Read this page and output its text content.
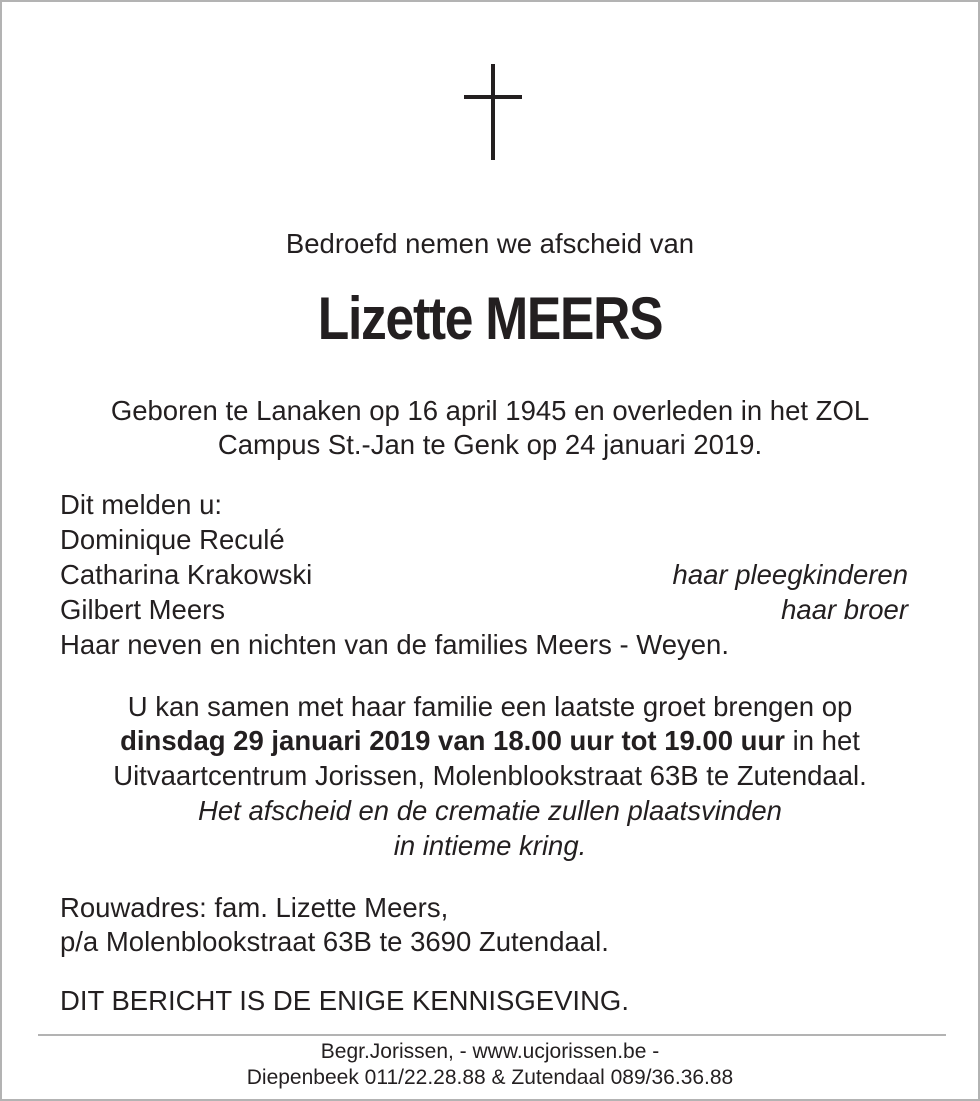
Bedroefd nemen we afscheid van
Lizette MEERS
Geboren te Lanaken op 16 april 1945 en overleden in het ZOL
Campus St.-Jan te Genk op 24 januari 2019.
Dit melden u:
Dominique Reculé
Catharina Krakowski	haar pleegkinderen
Gilbert Meers	haar broer
Haar neven en nichten van de families Meers - Weyen.
U kan samen met haar familie een laatste groet brengen op
dinsdag 29 januari 2019 van 18.00 uur tot 19.00 uur in het
Uitvaartcentrum Jorissen, Molenblookstraat 63B te Zutendaal.
Het afscheid en de crematie zullen plaatsvinden
in intieme kring.
Rouwadres: fam. Lizette Meers,
p/a Molenblookstraat 63B te 3690 Zutendaal.
DIT BERICHT IS DE ENIGE KENNISGEVING.
Begr.Jorissen, - www.ucjorissen.be -
Diepenbeek 011/22.28.88 & Zutendaal 089/36.36.88
